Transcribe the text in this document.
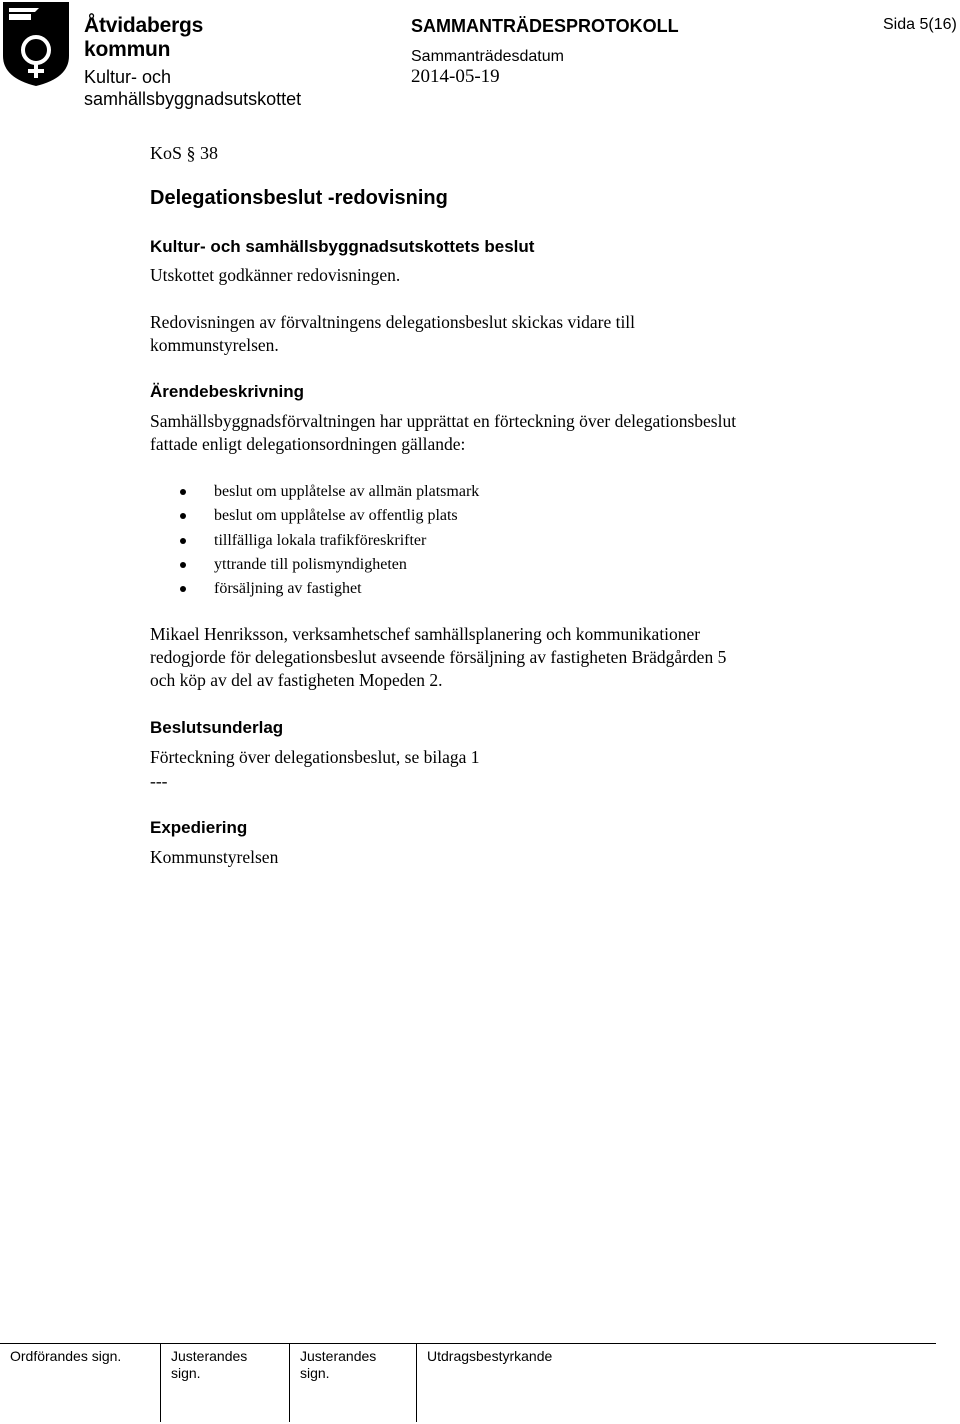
Åtvidabergs
kommun
Kultur- och
samhällsbyggnadsutskottet
SAMMANTRÄDESPROTOKOLL
Sammanträdesdatum
2014-05-19
Sida 5(16)
KoS § 38
Delegationsbeslut -redovisning
Kultur- och samhällsbyggnadsutskottets beslut
Utskottet godkänner redovisningen.
Redovisningen av förvaltningens delegationsbeslut skickas vidare till
kommunstyrelsen.
Ärendebeskrivning
Samhällsbyggnadsförvaltningen har upprättat en förteckning över delegationsbeslut
fattade enligt delegationsordningen gällande:
beslut om upplåtelse av allmän platsmark
beslut om upplåtelse av offentlig plats
tillfälliga lokala trafikföreskrifter
yttrande till polismyndigheten
försäljning av fastighet
Mikael Henriksson, verksamhetschef samhällsplanering och kommunikationer
redogjorde för delegationsbeslut avseende försäljning av fastigheten Brädgården 5
och köp av del av fastigheten Mopeden 2.
Beslutsunderlag
Förteckning över delegationsbeslut, se bilaga 1
---
Expediering
Kommunstyrelsen
Ordförandes sign.	Justerandes
sign.
Justerandes
sign.
Utdragsbestyrkande
